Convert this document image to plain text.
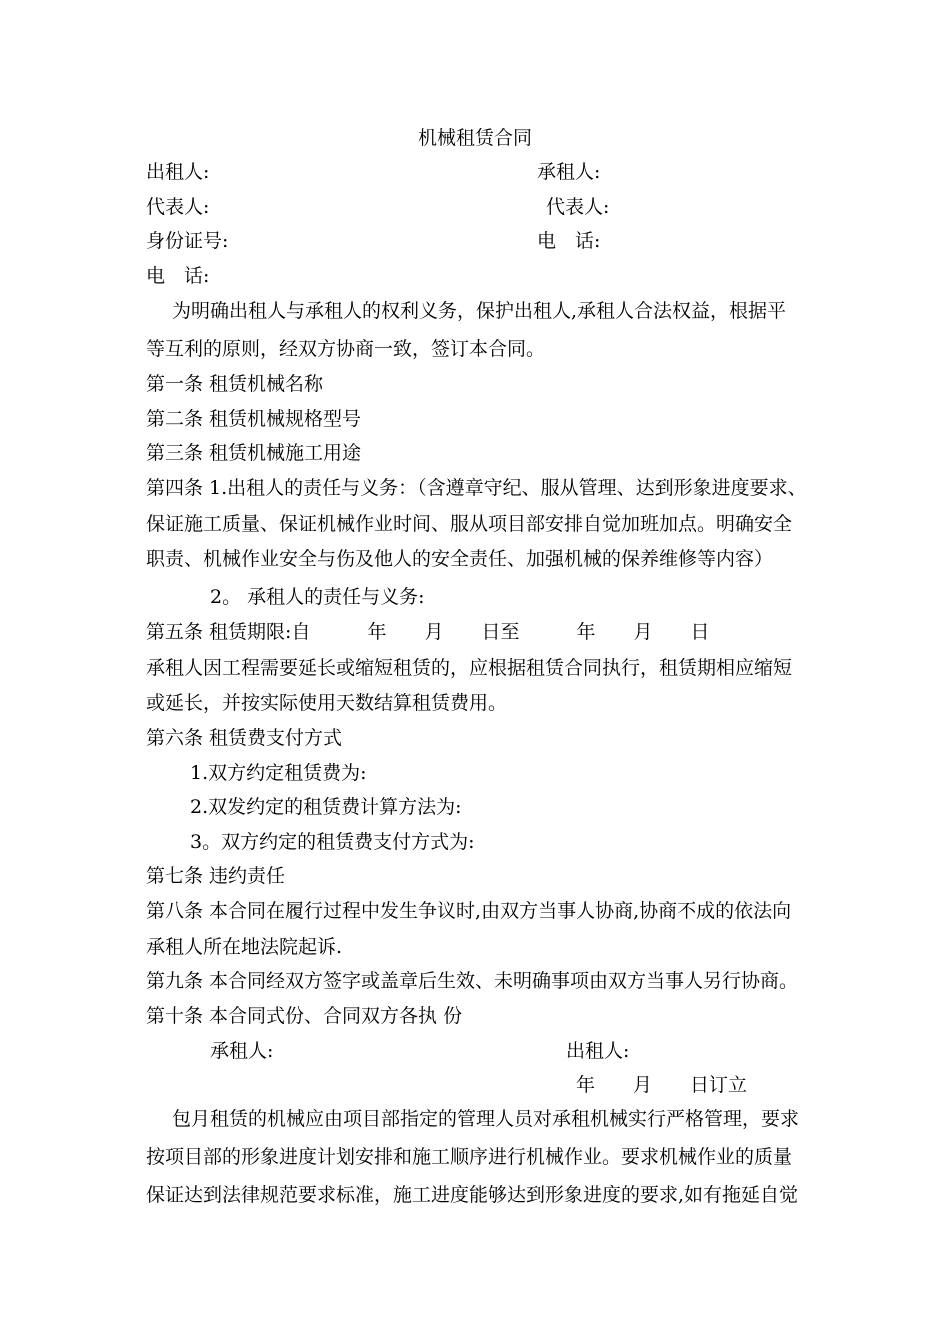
机械租赁合同
出租人:	承租人:
代表人:	代表人:
身份证号:	电　话:
电　话:
为明确出租人与承租人的权利义务，保护出租人,承租人合法权益，根据平
等互利的原则，经双方协商一致，签订本合同。
第一条 租赁机械名称
第二条 租赁机械规格型号
第三条 租赁机械施工用途
第四条 1.出租人的责任与义务：（含遵章守纪、服从管理、达到形象进度要求、
保证施工质量、保证机械作业时间、服从项目部安排自觉加班加点。明确安全
职责、机械作业安全与伤及他人的安全责任、加强机械的保养维修等内容）
2。 承租人的责任与义务:
第五条 租赁期限:自　　　年　　月　　日至　　　年　　月　　日
承租人因工程需要延长或缩短租赁的，应根据租赁合同执行，租赁期相应缩短
或延长，并按实际使用天数结算租赁费用。
第六条 租赁费支付方式
1.双方约定租赁费为:
2.双发约定的租赁费计算方法为:
3。双方约定的租赁费支付方式为:
第七条 违约责任
第八条 本合同在履行过程中发生争议时,由双方当事人协商,协商不成的依法向
承租人所在地法院起诉.
第九条 本合同经双方签字或盖章后生效、未明确事项由双方当事人另行协商。
第十条 本合同式份、合同双方各执 份
承租人:	出租人:
年　　月　　日订立
包月租赁的机械应由项目部指定的管理人员对承租机械实行严格管理，要求
按项目部的形象进度计划安排和施工顺序进行机械作业。要求机械作业的质量
保证达到法律规范要求标准，施工进度能够达到形象进度的要求,如有拖延自觉
